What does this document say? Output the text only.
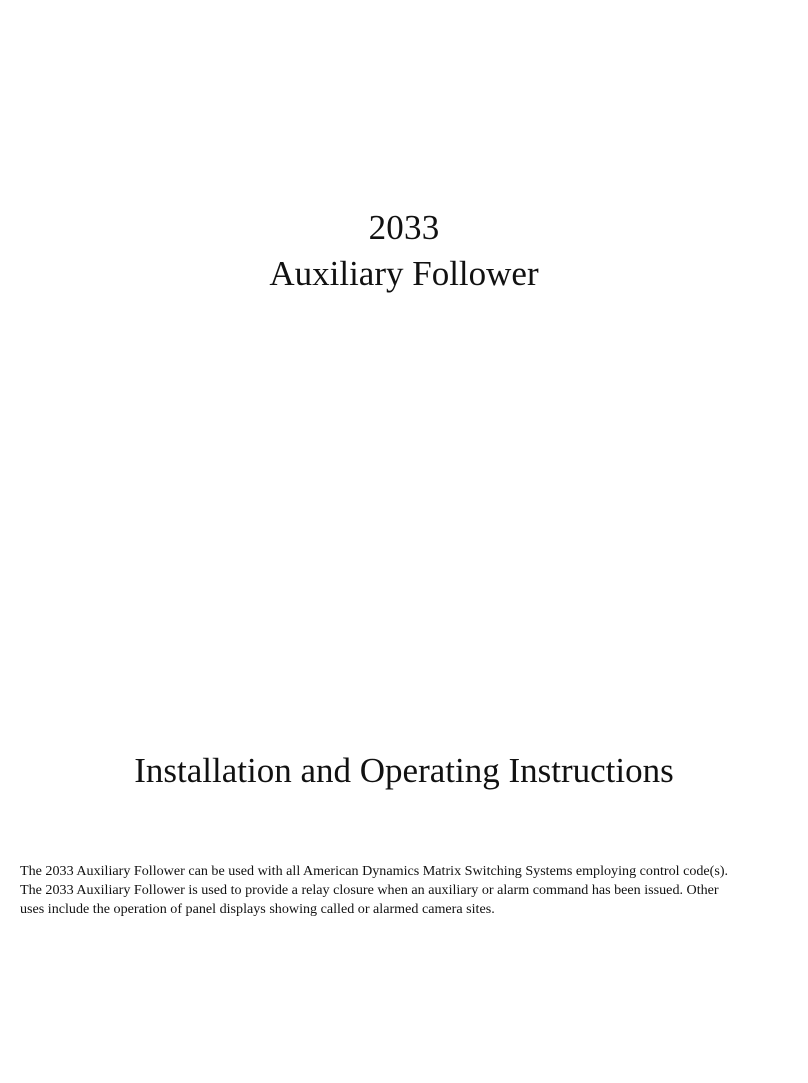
2033
Auxiliary Follower
Installation and Operating Instructions
The 2033 Auxiliary Follower can be used with all American Dynamics Matrix Switching Systems employing control code(s).
The 2033 Auxiliary Follower is used to provide a relay closure when an auxiliary or alarm command has been issued. Other
uses include the operation of panel displays showing called or alarmed camera sites.
